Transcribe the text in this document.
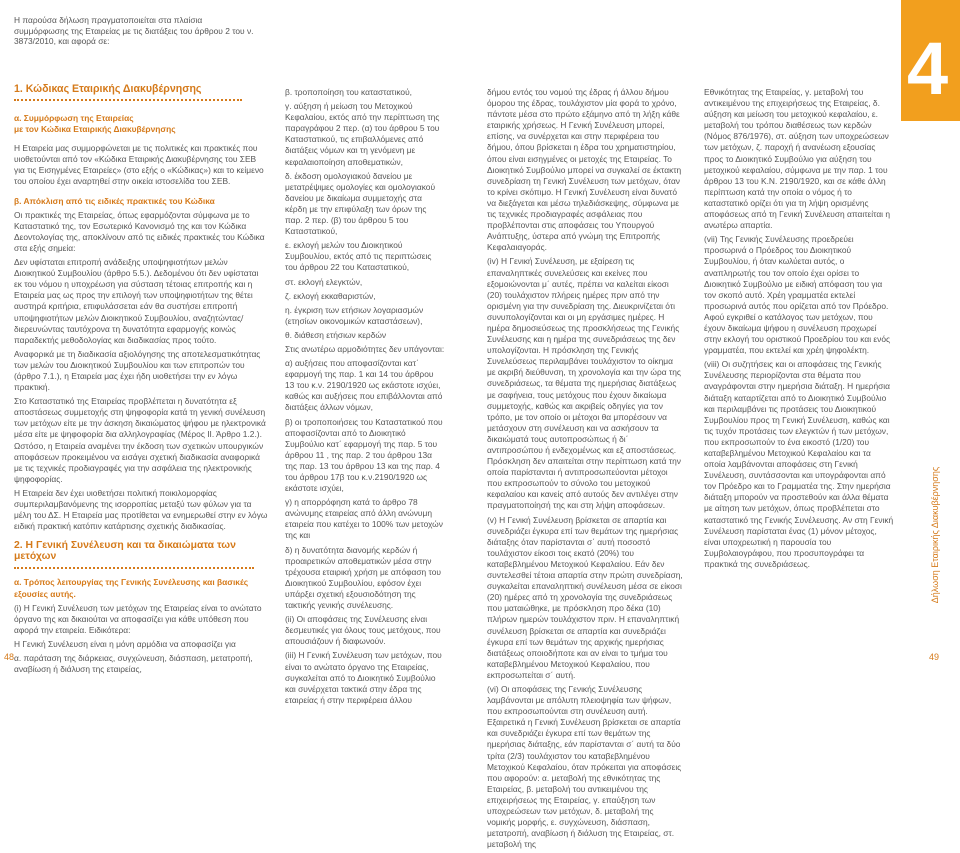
4
Η παρούσα δήλωση πραγματοποιείται στα πλαίσια συμμόρφωσης της Εταιρείας με τις διατάξεις του άρθρου 2 του ν. 3873/2010, και αφορά σε:
1. Κώδικας Εταιρικής Διακυβέρνησης
α. Συμμόρφωση της Εταιρείας
με τον Κώδικα Εταιρικής Διακυβέρνησης

Η Εταιρεία μας συμμορφώνεται με τις πολιτικές και πρακτικές που υιοθετούνται από τον «Κώδικα Εταιρικής Διακυβέρνησης του ΣΕΒ για τις Εισηγμένες Εταιρείες» (στο εξής ο «Κώδικας») και το κείμενο του οποίου έχει αναρτηθεί στην οικεία ιστοσελίδα του ΣΕΒ.

β. Απόκλιση από τις ειδικές πρακτικές του Κώδικα

Οι πρακτικές της Εταιρείας, όπως εφαρμόζονται σύμφωνα με το Καταστατικό της, τον Εσωτερικό Κανονισμό της και τον Κώδικα Δεοντολογίας της, αποκλίνουν από τις ειδικές πρακτικές του Κώδικα στα εξής σημεία:

Δεν υφίσταται επιτροπή ανάδειξης υποψηφιοτήτων μελών Διοικητικού Συμβουλίου (άρθρο 5.5.). Δεδομένου ότι δεν υφίσταται εκ του νόμου η υποχρέωση για σύσταση τέτοιας επιτροπής και η Εταιρεία μας ως προς την επιλογή των υποψηφιοτήτων της θέτει αυστηρά κριτήρια, επιφυλάσσεται εάν θα συστήσει επιτροπή υποψηφιοτήτων μελών Διοικητικού Συμβουλίου, αναζητώντας/διερευνώντας ταυτόχρονα τη δυνατότητα εφαρμογής κοινώς παραδεκτής μεθοδολογίας και διαδικασίας προς τούτο.

Αναφορικά με τη διαδικασία αξιολόγησης της αποτελεσματικότητας των μελών του Διοικητικού Συμβουλίου και των επιτροπών του (άρθρο 7.1.), η Εταιρεία μας έχει ήδη υιοθετήσει την εν λόγω πρακτική.

Στο Καταστατικό της Εταιρείας προβλέπεται η δυνατότητα εξ αποστάσεως συμμετοχής στη ψηφοφορία κατά τη γενική συνέλευση των μετόχων είτε με την άσκηση δικαιώματος ψήφου με ηλεκτρονικά μέσα είτε με ψηφοφορία δια αλληλογραφίας (Μέρος ΙΙ. Άρθρο 1.2.). Ωστόσο, η Εταιρεία αναμένει την έκδοση των σχετικών υπουργικών αποφάσεων προκειμένου να εισάγει σχετική διαδικασία αναφορικά με τις τεχνικές προδιαγραφές για την ασφάλεια της ηλεκτρονικής ψηφοφορίας.

Η Εταιρεία δεν έχει υιοθετήσει πολιτική ποικιλομορφίας συμπεριλαμβανόμενης της ισορροπίας μεταξύ των φύλων για τα μέλη του ΔΣ. Η Εταιρεία μας προτίθεται να ενημερωθεί στην εν λόγω ειδική πρακτική κατόπιν κατάρτισης σχετικής διαδικασίας.

2. Η Γενική Συνέλευση και τα δικαιώματα των μετόχων

α. Τρόπος λειτουργίας της Γενικής Συνέλευσης και βασικές εξουσίες αυτής.

(i) Η Γενική Συνέλευση των μετόχων της Εταιρείας είναι το ανώτατο όργανο της και δικαιούται να αποφασίζει για κάθε υπόθεση που αφορά την εταιρεία. Ειδικότερα:

Η Γενική Συνέλευση είναι η μόνη αρμόδια να αποφασίζει για

α. παράταση της διάρκειας, συγχώνευση, διάσπαση, μετατροπή, αναβίωση ή διάλυση της εταιρείας,

β. τροποποίηση του καταστατικού,

γ. αύξηση ή μείωση του Μετοχικού Κεφαλαίου, εκτός από την περίπτωση της παραγράφου 2 περ. (α) του άρθρου 5 του Καταστατικού, τις επιβαλλόμενες από διατάξεις νόμων και τη γενόμενη με κεφαλαιοποίηση αποθεματικών,

δ. έκδοση ομολογιακού δανείου με μετατρέψιμες ομολογίες και ομολογιακού δανείου με δικαίωμα συμμετοχής στα κέρδη με την επιφύλαξη των όρων της παρ. 2 περ. (β) του άρθρου 5 του Καταστατικού,

ε. εκλογή μελών του Διοικητικού Συμβουλίου, εκτός από τις περιπτώσεις του άρθρου 22 του Καταστατικού,

στ. εκλογή ελεγκτών,

ζ. εκλογή εκκαθαριστών,

η. έγκριση των ετήσιων λογαριασμών (ετησίων οικονομικών καταστάσεων),

θ. διάθεση ετήσιων κερδών

Στις ανωτέρω αρμοδιότητες δεν υπάγονται:

α) αυξήσεις που αποφασίζονται κατ΄ εφαρμογή της παρ. 1 και 14 του άρθρου 13 του κ.ν. 2190/1920 ως εκάστοτε ισχύει, καθώς και αυξήσεις που επιβάλλονται από διατάξεις άλλων νόμων,

β) οι τροποποιήσεις του Καταστατικού που αποφασίζονται από το Διοικητικό Συμβούλιο κατ΄ εφαρμογή της παρ. 5 του άρθρου 11 , της παρ. 2 του άρθρου 13α της παρ. 13 του άρθρου 13 και της παρ. 4 του άρθρου 17β του κ.ν.2190/1920 ως εκάστοτε ισχύει,

γ) η απορρόφηση κατά το άρθρο 78 ανώνυμης εταιρείας από άλλη ανώνυμη εταιρεία που κατέχει το 100% των μετοχών της και

δ) η δυνατότητα διανομής κερδών ή προαιρετικών αποθεματικών μέσα στην τρέχουσα εταιρική χρήση με απόφαση του Διοικητικού Συμβουλίου, εφόσον έχει υπάρξει σχετική εξουσιοδότηση της τακτικής γενικής συνέλευσης.

(ii) Οι αποφάσεις της Συνέλευσης είναι δεσμευτικές για όλους τους μετόχους, που απουσιάζουν ή διαφωνούν.

(iii) Η Γενική Συνέλευση των μετόχων, που είναι το ανώτατο όργανο της Εταιρείας, συγκαλείται από το Διοικητικό Συμβούλιο και συνέρχεται τακτικά στην έδρα της εταιρείας ή στην περιφέρεια άλλου

δήμου εντός του νομού της έδρας ή άλλου δήμου όμορου της έδρας, τουλάχιστον μία φορά το χρόνο, πάντοτε μέσα στο πρώτο εξάμηνο από τη λήξη κάθε εταιρικής χρήσεως. Η Γενική Συνέλευση μπορεί, επίσης, να συνέρχεται και στην περιφέρεια του δήμου, όπου βρίσκεται η έδρα του χρηματιστηρίου, όπου είναι εισηγμένες οι μετοχές της Εταιρείας. Το Διοικητικό Συμβούλιο μπορεί να συγκαλεί σε έκτακτη συνεδρίαση τη Γενική Συνέλευση των μετόχων, όταν το κρίνει σκόπιμο. Η Γενική Συνέλευση είναι δυνατό να διεξάγεται και μέσω τηλεδιάσκεψης, σύμφωνα με τις τεχνικές προδιαγραφές ασφάλειας που προβλέπονται στις αποφάσεις του Υπουργού Ανάπτυξης, ύστερα από γνώμη της Επιτροπής Κεφαλαιαγοράς.

(iv) Η Γενική Συνέλευση, με εξαίρεση τις επαναληπτικές συνελεύσεις και εκείνες που εξομοιώνονται μ΄ αυτές, πρέπει να καλείται είκοσι (20) τουλάχιστον πλήρεις ημέρες πριν από την ορισμένη για την συνεδρίαση της. Διευκρινίζεται ότι συνυπολογίζονται και οι μη εργάσιμες ημέρες. Η ημέρα δημοσιεύσεως της προσκλήσεως της Γενικής Συνέλευσης και η ημέρα της συνεδριάσεως της δεν υπολογίζονται. Η πρόσκληση της Γενικής Συνελεύσεως περιλαμβάνει τουλάχιστον το οίκημα με ακριβή διεύθυνση, τη χρονολογία και την ώρα της συνεδριάσεως, τα θέματα της ημερήσιας διατάξεως με σαφήνεια, τους μετόχους που έχουν δικαίωμα συμμετοχής, καθώς και ακριβείς οδηγίες για τον τρόπο, με τον οποίο οι μέτοχοι θα μπορέσουν να μετάσχουν στη συνέλευση και να ασκήσουν τα δικαιώματά τους αυτοπροσώπως ή δι΄ αντιπροσώπου ή ενδεχομένως και εξ αποστάσεως. Πρόσκληση δεν απαιτείται στην περίπτωση κατά την οποία παρίστανται ή αντιπροσωπεύονται μέτοχοι που εκπροσωπούν το σύνολο του μετοχικού κεφαλαίου και κανείς από αυτούς δεν αντιλέγει στην πραγματοποίησή της και στη λήψη αποφάσεων.

(v) Η Γενική Συνέλευση βρίσκεται σε απαρτία και συνεδριάζει έγκυρα επί των θεμάτων της ημερήσιας διάταξης όταν παρίστανται σ΄ αυτή ποσοστό τουλάχιστον είκοσι τοις εκατό (20%) του καταβεβλημένου Μετοχικού Κεφαλαίου. Εάν δεν συντελεσθεί τέτοια απαρτία στην πρώτη συνεδρίαση, συγκαλείται επαναληπτική συνέλευση μέσα σε είκοσι (20) ημέρες από τη χρονολογία της συνεδριάσεως που ματαιώθηκε, με πρόσκληση προ δέκα (10) πλήρων ημερών τουλάχιστον πριν. Η επαναληπτική συνέλευση βρίσκεται σε απαρτία και συνεδριάζει έγκυρα επί των θεμάτων της αρχικής ημερήσιας διατάξεως οποιοδήποτε και αν είναι το τμήμα του καταβεβλημένου Μετοχικού Κεφαλαίου, που εκπροσωπείται σ΄ αυτή.

(vi) Οι αποφάσεις της Γενικής Συνέλευσης λαμβάνονται με απόλυτη πλειοψηφία των ψήφων, που εκπροσωπούνται στη συνέλευση αυτή. Εξαιρετικά η Γενική Συνέλευση βρίσκεται σε απαρτία και συνεδριάζει έγκυρα επί των θεμάτων της ημερήσιας διάταξης, εάν παρίστανται σ΄ αυτή τα δύο τρίτα (2/3) τουλάχιστον του καταβεβλημένου Μετοχικού Κεφαλαίου, όταν πρόκειται για αποφάσεις που αφορούν: α. μεταβολή της εθνικότητας της Εταιρείας, β. μεταβολή του αντικειμένου της επιχειρήσεως της Εταιρείας, γ. επαύξηση των υποχρεώσεων των μετόχων, δ. μεταβολή της νομικής μορφής, ε. συγχώνευση, διάσπαση, μετατροπή, αναβίωση ή διάλυση της Εταιρείας, στ. μεταβολή της

Εθνικότητας της Εταιρείας, γ. μεταβολή του αντικειμένου της επιχειρήσεως της Εταιρείας, δ. αύξηση και μείωση του μετοχικού κεφαλαίου, ε. μεταβολή του τρόπου διαθέσεως των κερδών (Νόμος 876/1976), στ. αύξηση των υποχρεώσεων των μετόχων, ζ. παροχή ή ανανέωση εξουσίας προς το Διοικητικό Συμβούλιο για αύξηση του μετοχικού κεφαλαίου, σύμφωνα με την παρ. 1 του άρθρου 13 του Κ.Ν. 2190/1920, και σε κάθε άλλη περίπτωση κατά την οποία ο νόμος ή το καταστατικό ορίζει ότι για τη λήψη ορισμένης αποφάσεως από τη Γενική Συνέλευση απαιτείται η ανωτέρω απαρτία.

(vii) Της Γενικής Συνέλευσης προεδρεύει προσωρινά ο Πρόεδρος του Διοικητικού Συμβουλίου, ή όταν κωλύεται αυτός, ο αναπληρωτής του τον οποίο έχει ορίσει το Διοικητικό Συμβούλιο με ειδική απόφαση του για τον σκοπό αυτό. Χρέη γραμματέα εκτελεί προσωρινά αυτός που ορίζεται από τον Πρόεδρο. Αφού εγκριθεί ο κατάλογος των μετόχων, που έχουν δικαίωμα ψήφου η συνέλευση προχωρεί στην εκλογή του οριστικού Προεδρίου του και ενός γραμματέα, που εκτελεί και χρέη ψηφολέκτη.

(viii) Οι συζητήσεις και οι αποφάσεις της Γενικής Συνέλευσης περιορίζονται στα θέματα που αναγράφονται στην ημερήσια διάταξη. Η ημερήσια διάταξη καταρτίζεται από το Διοικητικό Συμβούλιο και περιλαμβάνει τις προτάσεις του Διοικητικού Συμβουλίου προς τη Γενική Συνέλευση, καθώς και τις τυχόν προτάσεις των ελεγκτών ή των μετόχων, που εκπροσωπούν το ένα εικοστό (1/20) του καταβεβλημένου Μετοχικού Κεφαλαίου και τα οποία λαμβάνονται αποφάσεις στη Γενική Συνέλευση, συντάσσονται και υπογράφονται από τον Πρόεδρο και το Γραμματέα της. Στην ημερήσια διάταξη μπορούν να προστεθούν και άλλα θέματα με αίτηση των μετόχων, όπως προβλέπεται στο καταστατικό της Γενικής Συνέλευσης. Αν στη Γενική Συνέλευση παρίσταται ένας (1) μόνον μέτοχος, είναι υποχρεωτική η παρουσία του Συμβολαιογράφου, που προσυπογράφει τα πρακτικά της συνεδριάσεως.	Δήλωση Εταιρικής Διακυβέρνησης
48	49
